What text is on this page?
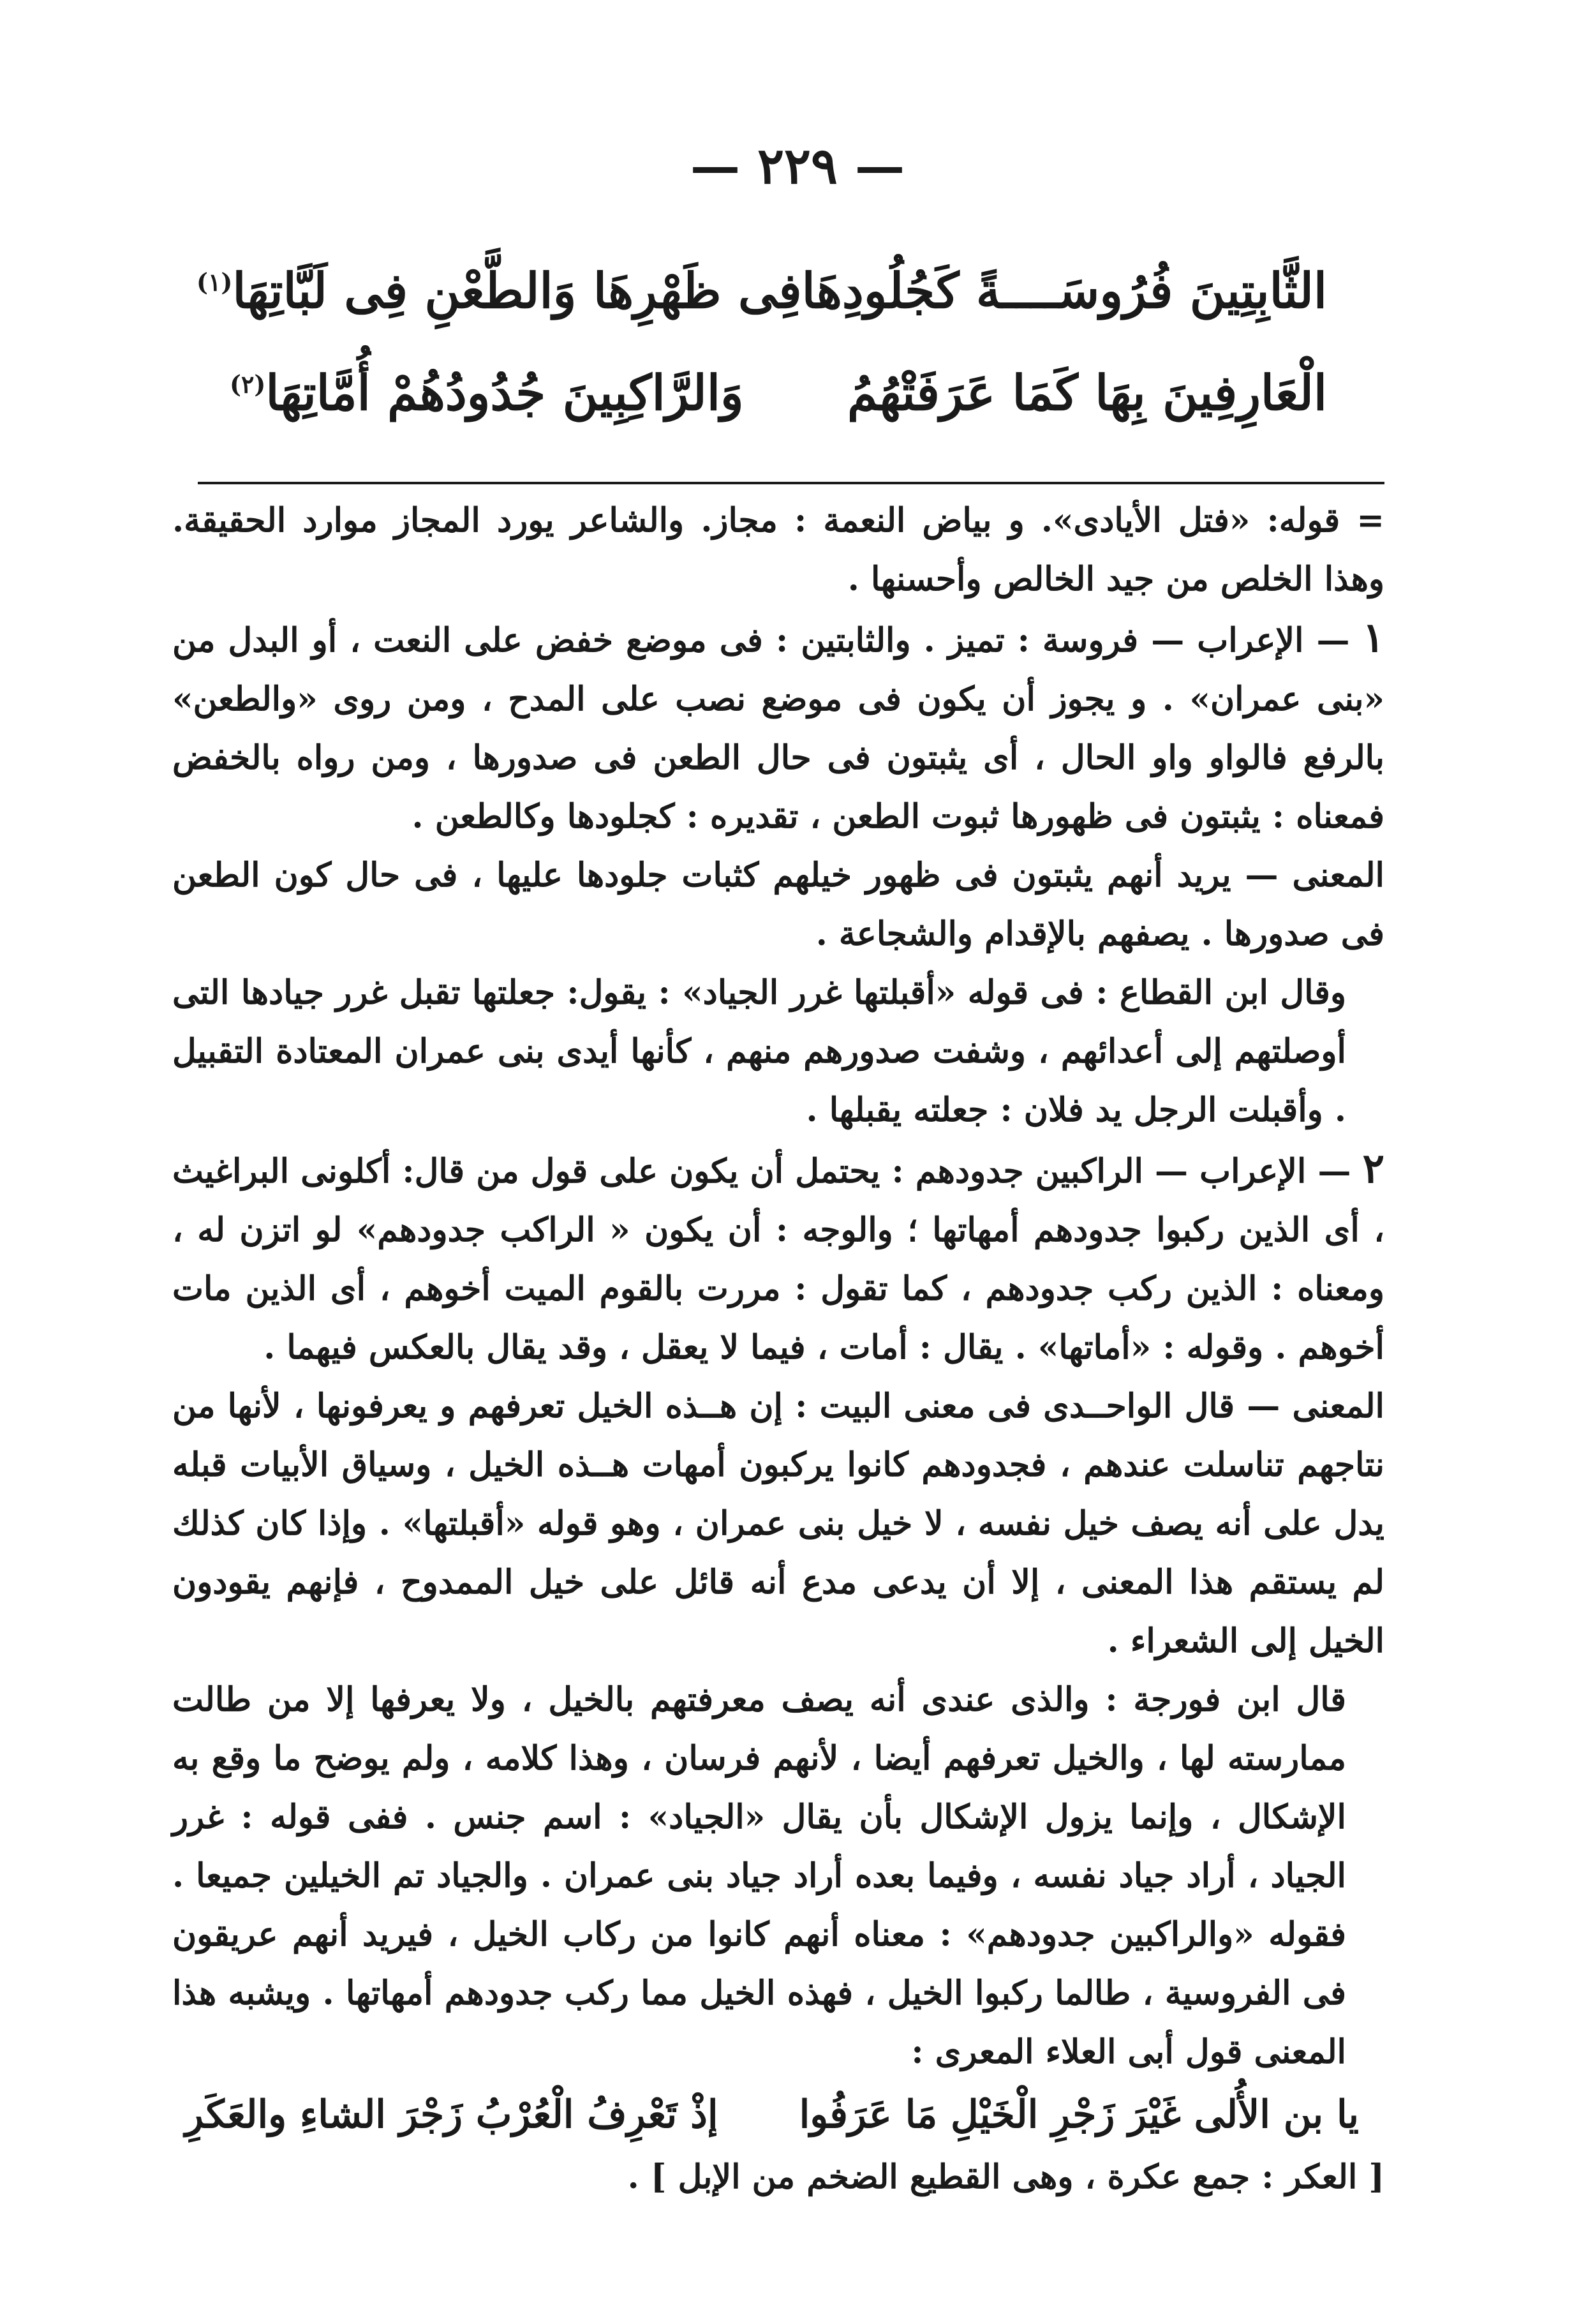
— ٢٢٩ —
الثَّابِتِينَ فُرُوسَــــةً كَجُلُودِهَا
فِى ظَهْرِهَا وَالطَّعْنِ فِى لَبَّاتِهَا$^{(١)}$
الْعَارِفِينَ بِهَا كَمَا عَرَفَتْهُمُ
وَالرَّاكِبِينَ جُدُودُهُمْ أُمَّاتِهَا$^{(٢)}$

= قوله: «فتل الأيادى». و بياض النعمة : مجاز. والشاعر يورد المجاز موارد الحقيقة. وهذا الخلص من جيد الخالص وأحسنها .

١ — الإعراب — فروسة : تميز . والثابتين : فى موضع خفض على النعت ، أو البدل من «بنى عمران» . و يجوز أن يكون فى موضع نصب على المدح ، ومن روى «والطعن» بالرفع فالواو واو الحال ، أى يثبتون فى حال الطعن فى صدورها ، ومن رواه بالخفض فمعناه : يثبتون فى ظهورها ثبوت الطعن ، تقديره : كجلودها وكالطعن .

المعنى — يريد أنهم يثبتون فى ظهور خيلهم كثبات جلودها عليها ، فى حال كون الطعن فى صدورها . يصفهم بالإقدام والشجاعة .

وقال ابن القطاع : فى قوله «أقبلتها غرر الجياد» : يقول: جعلتها تقبل غرر جيادها التى أوصلتهم إلى أعدائهم ، وشفت صدورهم منهم ، كأنها أيدى بنى عمران المعتادة التقبيل . وأقبلت الرجل يد فلان : جعلته يقبلها .

٢ — الإعراب — الراكبين جدودهم : يحتمل أن يكون على قول من قال: أكلونى البراغيث ، أى الذين ركبوا جدودهم أمهاتها ؛ والوجه : أن يكون « الراكب جدودهم» لو اتزن له ، ومعناه : الذين ركب جدودهم ، كما تقول : مررت بالقوم الميت أخوهم ، أى الذين مات أخوهم . وقوله : «أماتها» . يقال : أمات ، فيما لا يعقل ، وقد يقال بالعكس فيهما .

المعنى — قال الواحــدى فى معنى البيت : إن هــذه الخيل تعرفهم و يعرفونها ، لأنها من نتاجهم تناسلت عندهم ، فجدودهم كانوا يركبون أمهات هــذه الخيل ، وسياق الأبيات قبله يدل على أنه يصف خيل نفسه ، لا خيل بنى عمران ، وهو قوله «أقبلتها» . وإذا كان كذلك لم يستقم هذا المعنى ، إلا أن يدعى مدع أنه قائل على خيل الممدوح ، فإنهم يقودون الخيل إلى الشعراء .

قال ابن فورجة : والذى عندى أنه يصف معرفتهم بالخيل ، ولا يعرفها إلا من طالت ممارسته لها ، والخيل تعرفهم أيضا ، لأنهم فرسان ، وهذا كلامه ، ولم يوضح ما وقع به الإشكال ، وإنما يزول الإشكال بأن يقال «الجياد» : اسم جنس . ففى قوله : غرر الجياد ، أراد جياد نفسه ، وفيما بعده أراد جياد بنى عمران . والجياد تم الخيلين جميعا . فقوله «والراكبين جدودهم» : معناه أنهم كانوا من ركاب الخيل ، فيريد أنهم عريقون فى الفروسية ، طالما ركبوا الخيل ، فهذه الخيل مما ركب جدودهم أمهاتها . ويشبه هذا المعنى قول أبى العلاء المعرى :

يا بن الأُلى غَيْرَ زَجْرِ الْخَيْلِ مَا عَرَفُوا
إذْ تَعْرِفُ الْعُرْبُ زَجْرَ الشاءِ والعَكَرِ

[ العكر : جمع عكرة ، وهى القطيع الضخم من الإبل ] .
